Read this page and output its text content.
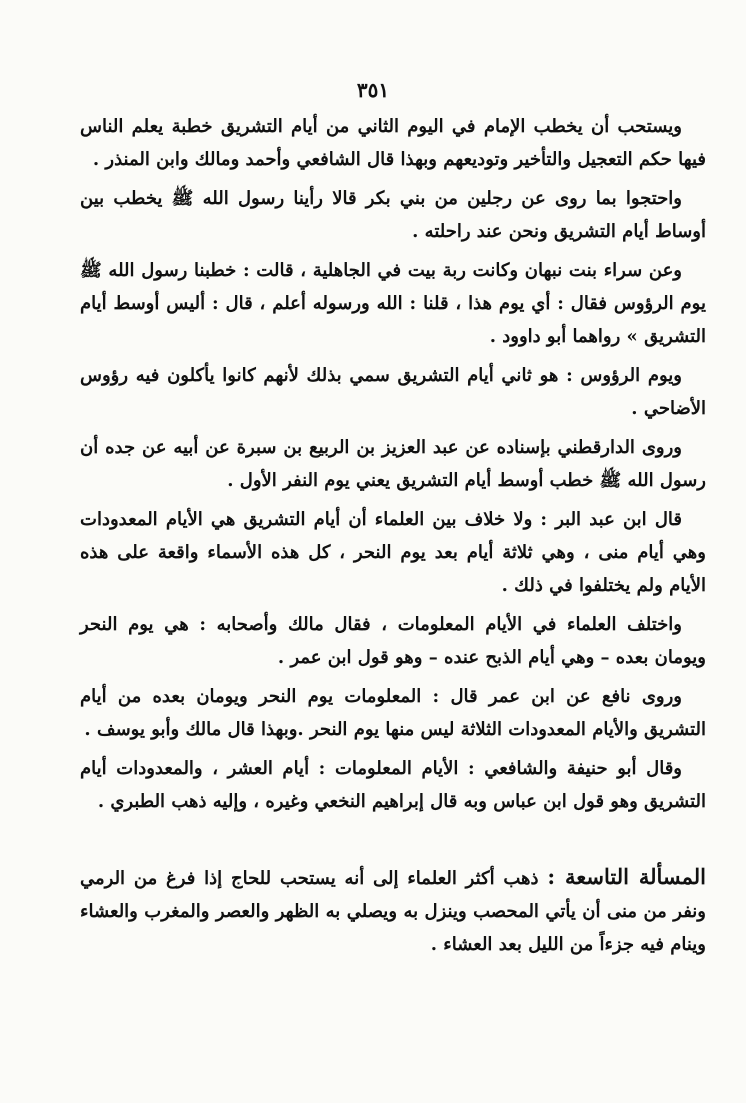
٣٥١

ويستحب أن يخطب الإمام في اليوم الثاني من أيام التشريق خطبة يعلم الناس فيها حكم التعجيل والتأخير وتوديعهم وبهذا قال الشافعي وأحمد ومالك وابن المنذر .

واحتجوا بما روى عن رجلين من بني بكر قالا رأينا رسول الله ﷺ يخطب بين أوساط أيام التشريق ونحن عند راحلته .

وعن سراء بنت نبهان وكانت ربة بيت في الجاهلية ، قالت : خطبنا رسول الله ﷺ يوم الرؤوس فقال : أي يوم هذا ، قلنا : الله ورسوله أعلم ، قال : أليس أوسط أيام التشريق » رواهما أبو داوود .

ويوم الرؤوس : هو ثاني أيام التشريق سمي بذلك لأنهم كانوا يأكلون فيه رؤوس الأضاحي .

وروى الدارقطني بإسناده عن عبد العزيز بن الربيع بن سبرة عن أبيه عن جده أن رسول الله ﷺ خطب أوسط أيام التشريق يعني يوم النفر الأول .

قال ابن عبد البر : ولا خلاف بين العلماء أن أيام التشريق هي الأيام المعدودات وهي أيام منى ، وهي ثلاثة أيام بعد يوم النحر ، كل هذه الأسماء واقعة على هذه الأيام ولم يختلفوا في ذلك .

واختلف العلماء في الأيام المعلومات ، فقال مالك وأصحابه : هي يوم النحر ويومان بعده – وهي أيام الذبح عنده – وهو قول ابن عمر .

وروى نافع عن ابن عمر قال : المعلومات يوم النحر ويومان بعده من أيام التشريق والأيام المعدودات الثلاثة ليس منها يوم النحر .وبهذا قال مالك وأبو يوسف .

وقال أبو حنيفة والشافعي : الأيام المعلومات : أيام العشر ، والمعدودات أيام التشريق وهو قول ابن عباس وبه قال إبراهيم النخعي وغيره ، وإليه ذهب الطبري .

المسألة التاسعة : ذهب أكثر العلماء إلى أنه يستحب للحاج إذا فرغ من الرمي ونفر من منى أن يأتي المحصب وينزل به ويصلي به الظهر والعصر والمغرب والعشاء وينام فيه جزءاً من الليل بعد العشاء .
